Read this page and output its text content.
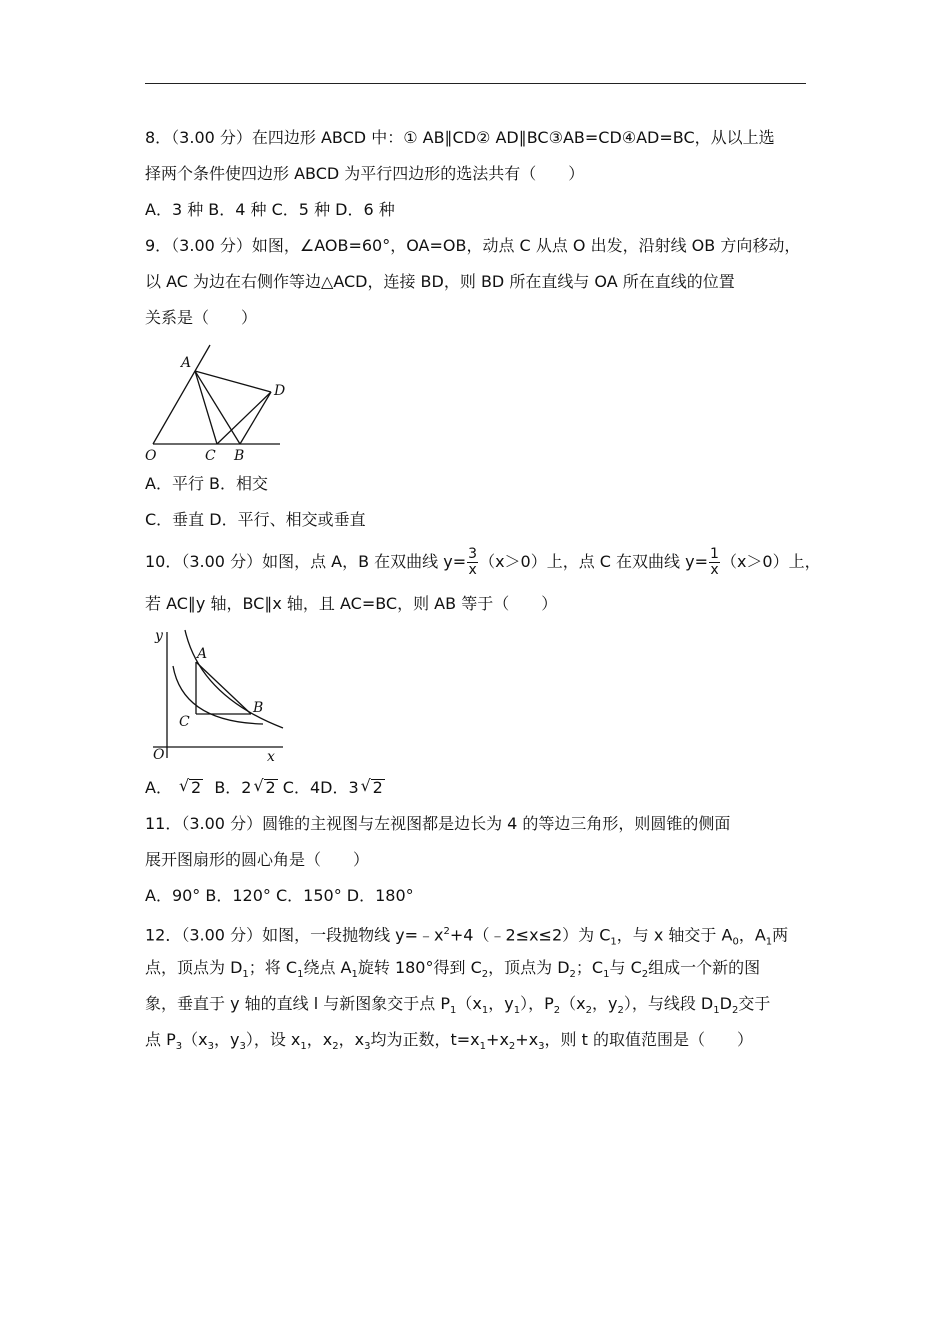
8．（3.00 分）在四边形 ABCD 中：① AB∥CD② AD∥BC③AB=CD④AD=BC，从以上选
择两个条件使四边形 ABCD 为平行四边形的选法共有（　　）
A．3 种 B．4 种 C．5 种 D．6 种
9．（3.00 分）如图，∠AOB=60°，OA=OB，动点 C 从点 O 出发，沿射线 OB 方向移动，
以 AC 为边在右侧作等边△ACD，连接 BD，则 BD 所在直线与 OA 所在直线的位置
关系是（　　）
A
D
O	C B
A．平行 B．相交
C．垂直 D．平行、相交或垂直
10．（3.00 分）如图，点 A，B 在双曲线 $y= \frac{3}{x} (x>0)$上，点 C 在双曲线 $y= \frac{1}{x} (x>0)$上，
若 AC∥y 轴，BC∥x 轴，且 AC=BC，则 AB 等于（　　）
y
A
B
C
O	x
A． √ 2 B．2 √ 2 C．4D．3 √ 2
11．（3.00 分）圆锥的主视图与左视图都是边长为 4 的等边三角形，则圆锥的侧面
展开图扇形的圆心角是（　　）
A．90° B．120° C．150° D．180°
12．（3.00 分）如图，一段抛物线 $y=﹣x^2+4(﹣2\le x\le 2)$为 $C_1$，与 x 轴交于 $A_0$，$A_1$两
点，顶点为 $D_1$；将 $C_1$绕点 $A_1$旋转 180°得到 $C_2$，顶点为 $D_2$；$C_1$与 $C_2$组成一个新的图
象，垂直于 y 轴的直线 l 与新图象交于点 $P_1(x_1$，$y_1$），$P_2(x_2$，$y_2$），与线段 $D_1D_2$交于
点 $P_3(x_3$，$y_3$），设 $x_1$，$x_2$，$x_3$均为正数，$t=x_1+x_2+x_3$，则 t 的取值范围是（　　）
